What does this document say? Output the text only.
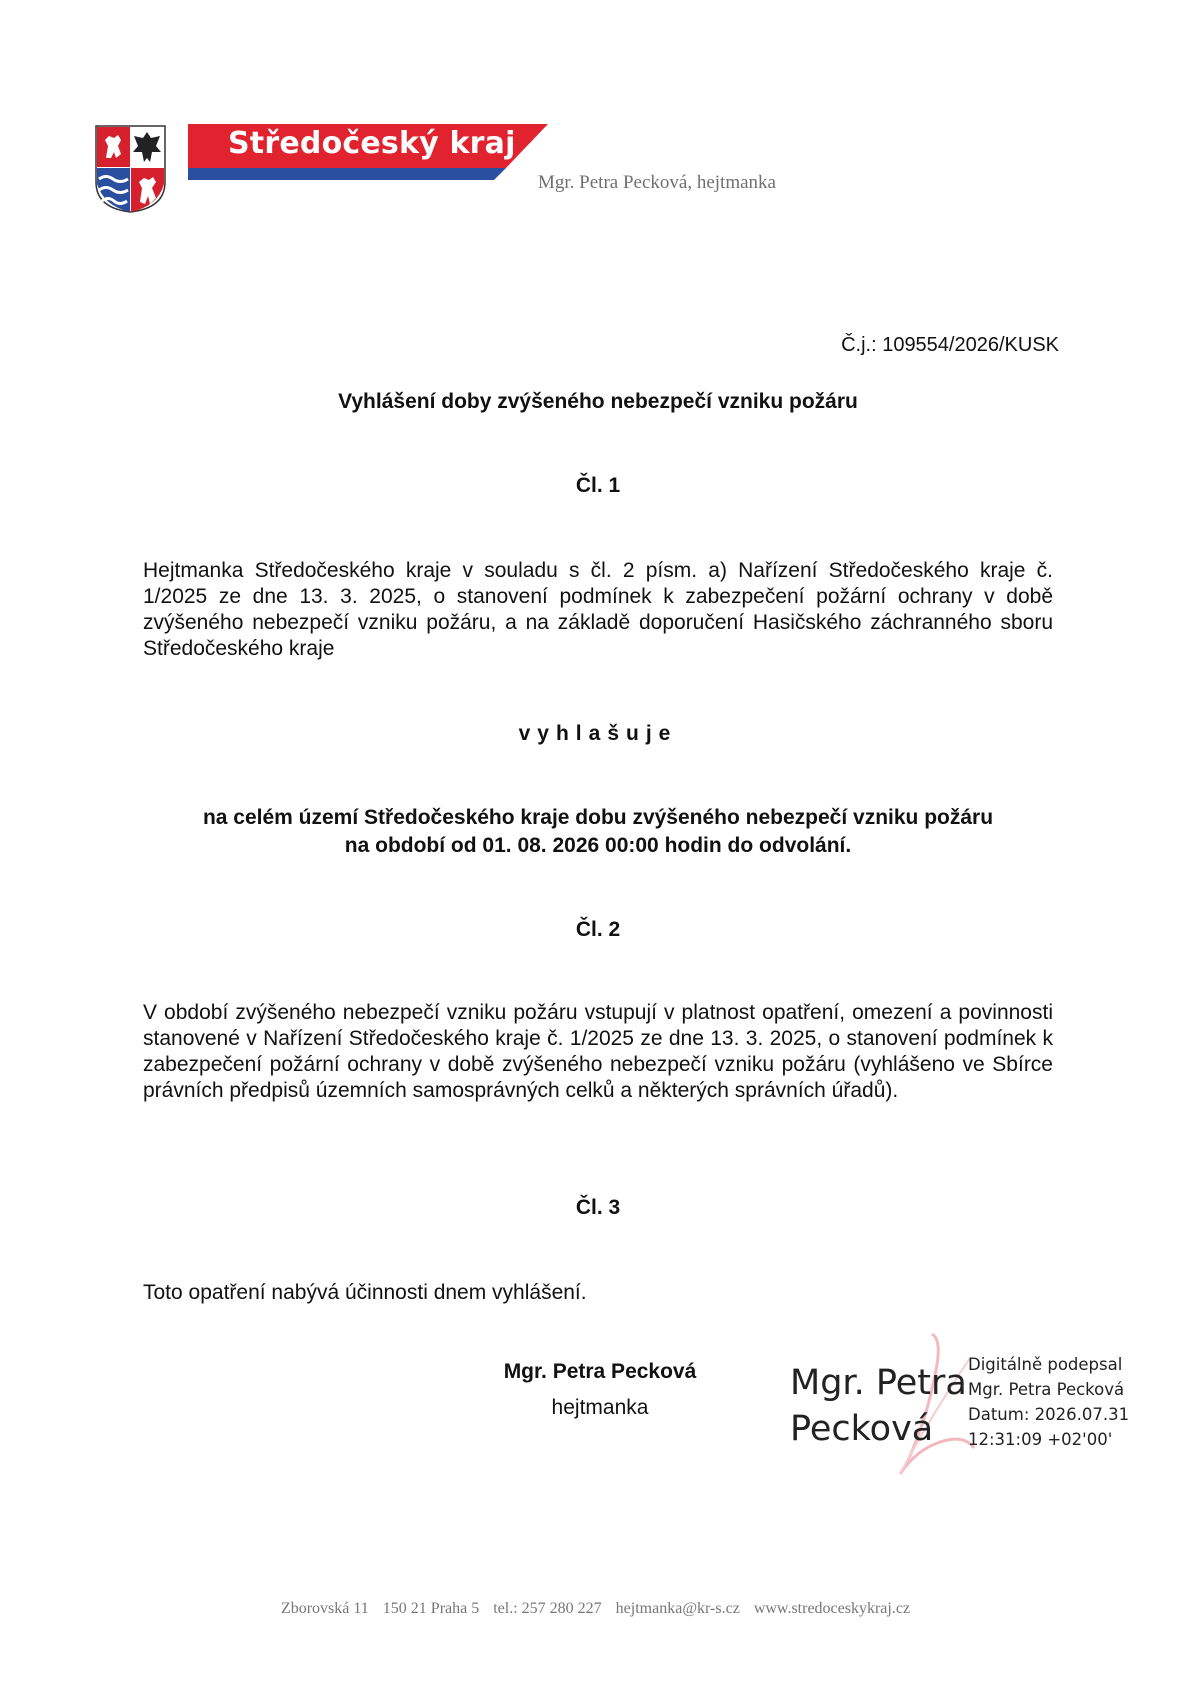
Středočeský kraj
Mgr. Petra Pecková, hejtmanka
Č.j.: 109554/2026/KUSK

Vyhlášení doby zvýšeného nebezpečí vzniku požáru

Čl. 1

Hejtmanka Středočeského kraje v souladu s čl. 2 písm. a) Nařízení Středočeského kraje č. 1/2025 ze dne 13. 3. 2025, o stanovení podmínek k zabezpečení požární ochrany v době zvýšeného nebezpečí vzniku požáru, a na základě doporučení Hasičského záchranného sboru Středočeského kraje

vyhlašuje

na celém území Středočeského kraje dobu zvýšeného nebezpečí vzniku požáru

na období od 01. 08. 2026 00:00 hodin do odvolání.

Čl. 2

V období zvýšeného nebezpečí vzniku požáru vstupují v platnost opatření, omezení a povinnosti stanovené v Nařízení Středočeského kraje č. 1/2025 ze dne 13. 3. 2025, o stanovení podmínek k zabezpečení požární ochrany v době zvýšeného nebezpečí vzniku požáru (vyhlášeno ve Sbírce právních předpisů územních samosprávných celků a některých správních úřadů).

Čl. 3

Toto opatření nabývá účinnosti dnem vyhlášení.

Mgr. Petra Pecková
hejtmanka
Mgr. Petra
Pecková
Digitálně podepsal
Mgr. Petra Pecková
Datum: 2026.07.31
12:31:09 +02'00'
Zborovská 11 150 21 Praha 5 tel.: 257 280 227 hejtmanka@kr-s.cz www.stredoceskykraj.cz
